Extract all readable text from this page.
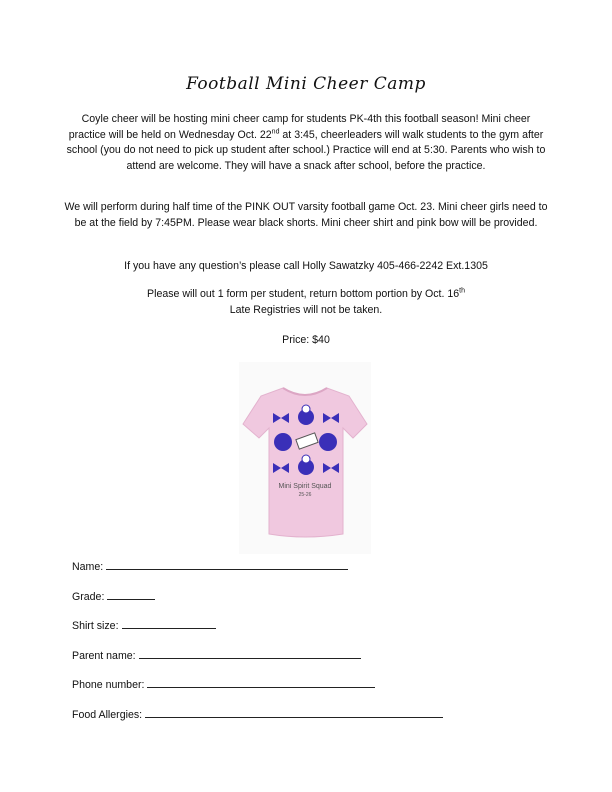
Football Mini Cheer Camp
Coyle cheer will be hosting mini cheer camp for students PK-4th this football season! Mini cheer practice will be held on Wednesday Oct. 22nd at 3:45, cheerleaders will walk students to the gym after school (you do not need to pick up student after school.) Practice will end at 5:30. Parents who wish to attend are welcome. They will have a snack after school, before the practice.
We will perform during half time of the PINK OUT varsity football game Oct. 23. Mini cheer girls need to be at the field by 7:45PM. Please wear black shorts. Mini cheer shirt and pink bow will be provided.
If you have any question’s please call Holly Sawatzky 405-466-2242 Ext.1305
Please will out 1 form per student, return bottom portion by Oct. 16th
Late Registries will not be taken.
Price: $40
Mini Spirit Squad
25-26
Name:
Grade:
Shirt size:
Parent name:
Phone number:
Food Allergies:
